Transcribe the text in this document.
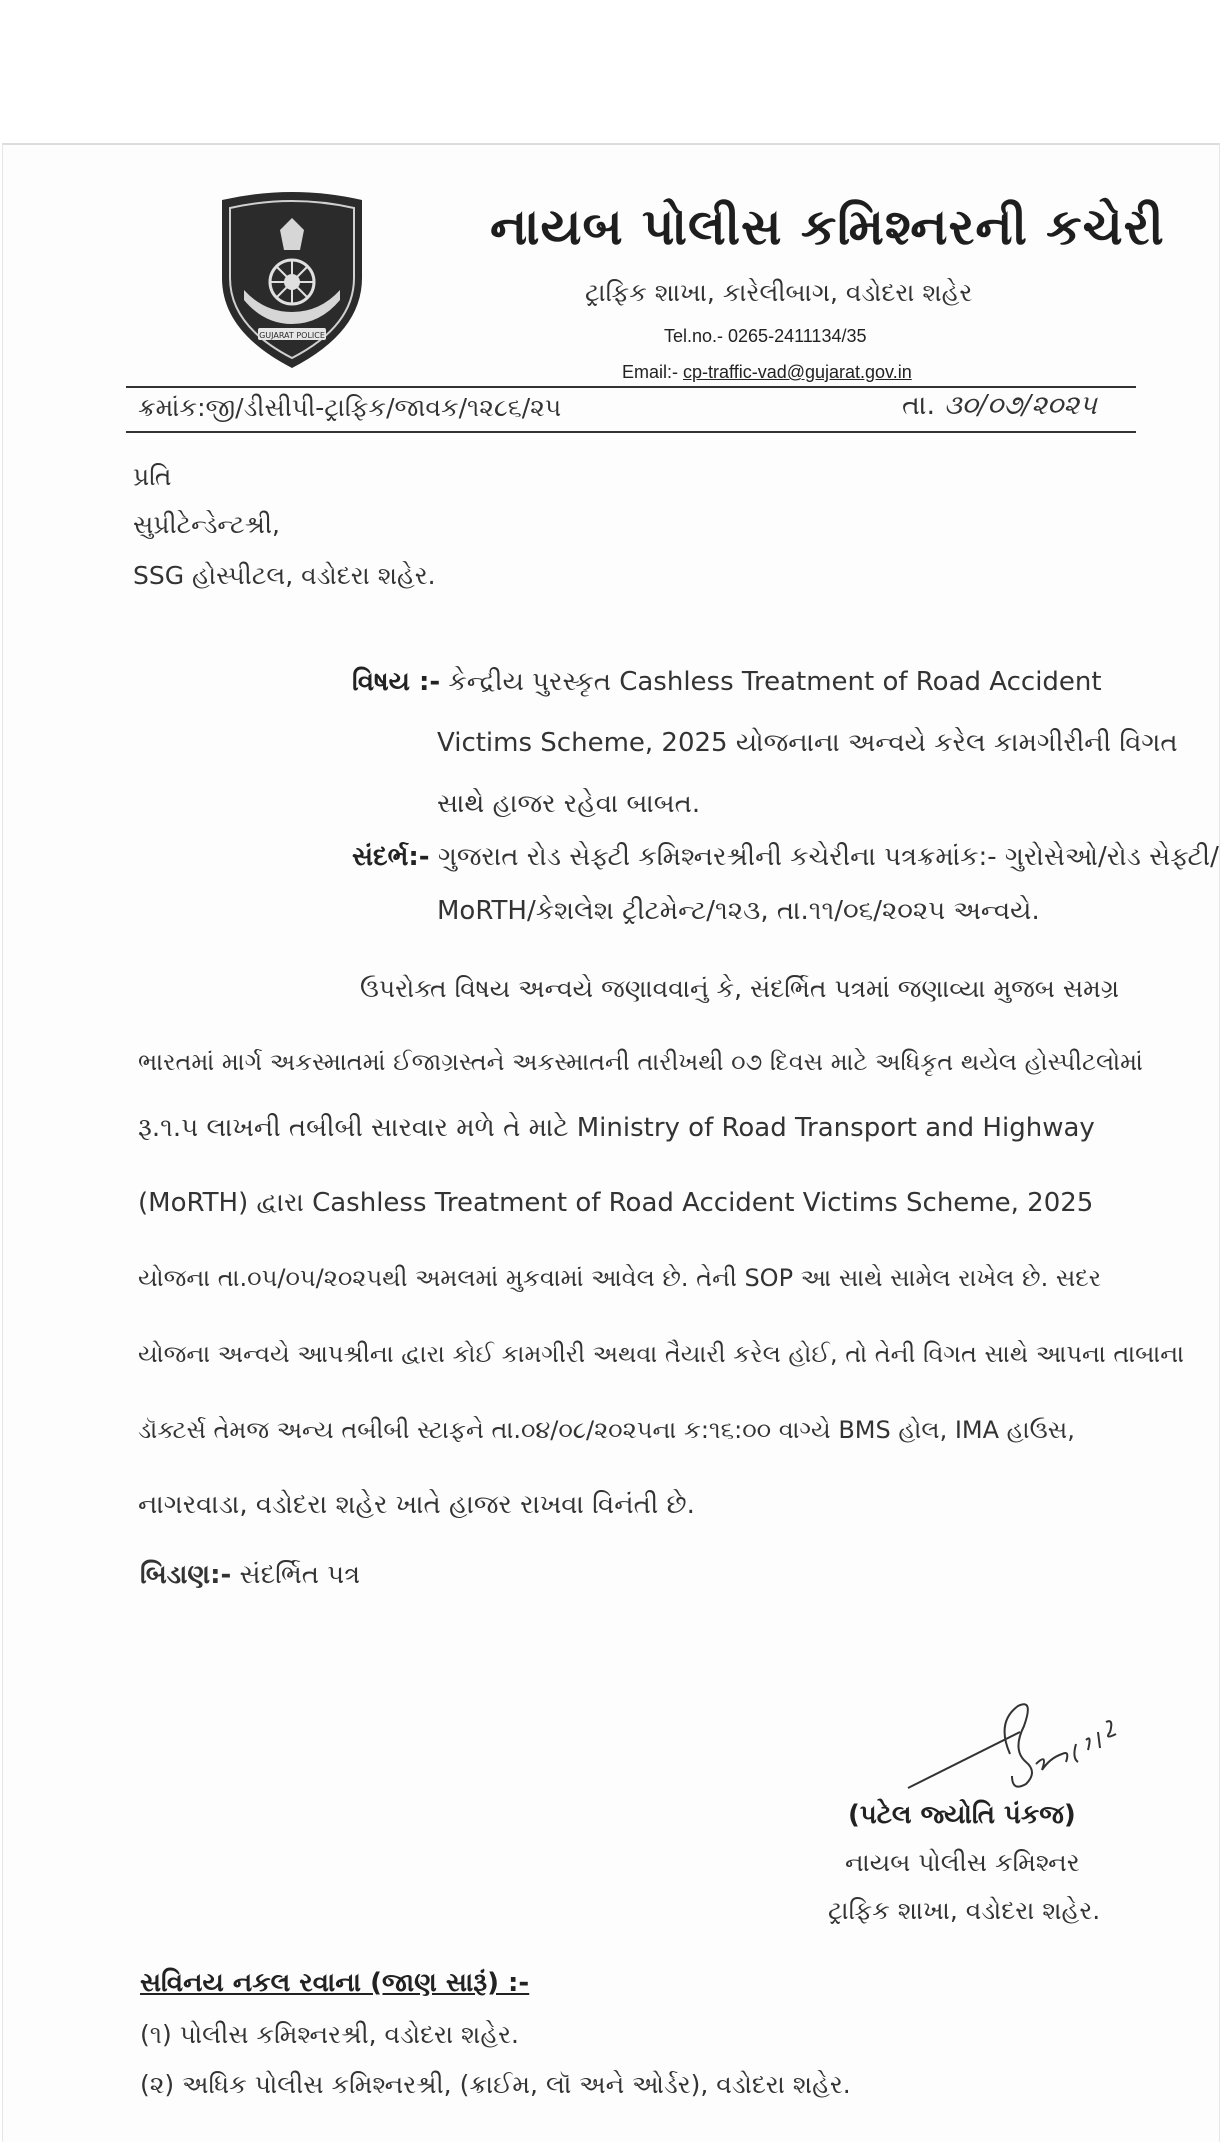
GUJARAT POLICE
નાયબ પોલીસ કમિશ્નરની કચેરી
ટ્રાફિક શાખા, કારેલીબાગ, વડોદરા શહેર
Tel.no.- 0265-2411134/35
Email:- cp-traffic-vad@gujarat.gov.in
ક્રમાંક:જી/ડીસીપી-ટ્રાફિક/જાવક/૧૨૮૬/૨૫	તા. ૩૦/૦૭/૨૦૨૫
પ્રતિ
સુપ્રીટેન્ડેન્ટશ્રી,
SSG હોસ્પીટલ, વડોદરા શહેર.
વિષય :- કેન્દ્રીય પુરસ્કૃત Cashless Treatment of Road Accident
Victims Scheme, 2025 યોજનાના અન્વયે કરેલ કામગીરીની વિગત
સાથે હાજર રહેવા બાબત.
સંદર્ભ:- ગુજરાત રોડ સેફ્ટી કમિશ્નરશ્રીની કચેરીના પત્રક્રમાંક:- ગુરોસેઓ/રોડ સેફ્ટી/
MoRTH/કેશલેશ ટ્રીટમેન્ટ/૧૨૩, તા.૧૧/૦૬/૨૦૨૫ અન્વયે.
ઉપરોક્ત વિષય અન્વયે જણાવવાનું કે, સંદર્ભિત પત્રમાં જણાવ્યા મુજબ સમગ્ર
ભારતમાં માર્ગ અકસ્માતમાં ઈજાગ્રસ્તને અકસ્માતની તારીખથી ૦૭ દિવસ માટે અધિકૃત થયેલ હોસ્પીટલોમાં
રૂ.૧.૫ લાખની તબીબી સારવાર મળે તે માટે Ministry of Road Transport and Highway
(MoRTH) દ્વારા Cashless Treatment of Road Accident Victims Scheme, 2025
યોજના તા.૦૫/૦૫/૨૦૨૫થી અમલમાં મુકવામાં આવેલ છે. તેની SOP આ સાથે સામેલ રાખેલ છે. સદર
યોજના અન્વયે આપશ્રીના દ્વારા કોઈ કામગીરી અથવા તૈયારી કરેલ હોઈ, તો તેની વિગત સાથે આપના તાબાના
ડૉક્ટર્સ તેમજ અન્ય તબીબી સ્ટાફને તા.૦૪/૦૮/૨૦૨૫ના ક:૧૬:૦૦ વાગ્યે BMS હોલ, IMA હાઉસ,
નાગરવાડા, વડોદરા શહેર ખાતે હાજર રાખવા વિનંતી છે.
બિડાણ:- સંદર્ભિત પત્ર
(પટેલ જ્યોતિ પંકજ)
નાયબ પોલીસ કમિશ્નર
ટ્રાફિક શાખા, વડોદરા શહેર.
સવિનય નકલ રવાના (જાણ સારૂં) :-
(૧) પોલીસ કમિશ્નરશ્રી, વડોદરા શહેર.
(૨) અધિક પોલીસ કમિશ્નરશ્રી, (ક્રાઈમ, લૉ અને ઓર્ડર), વડોદરા શહેર.
